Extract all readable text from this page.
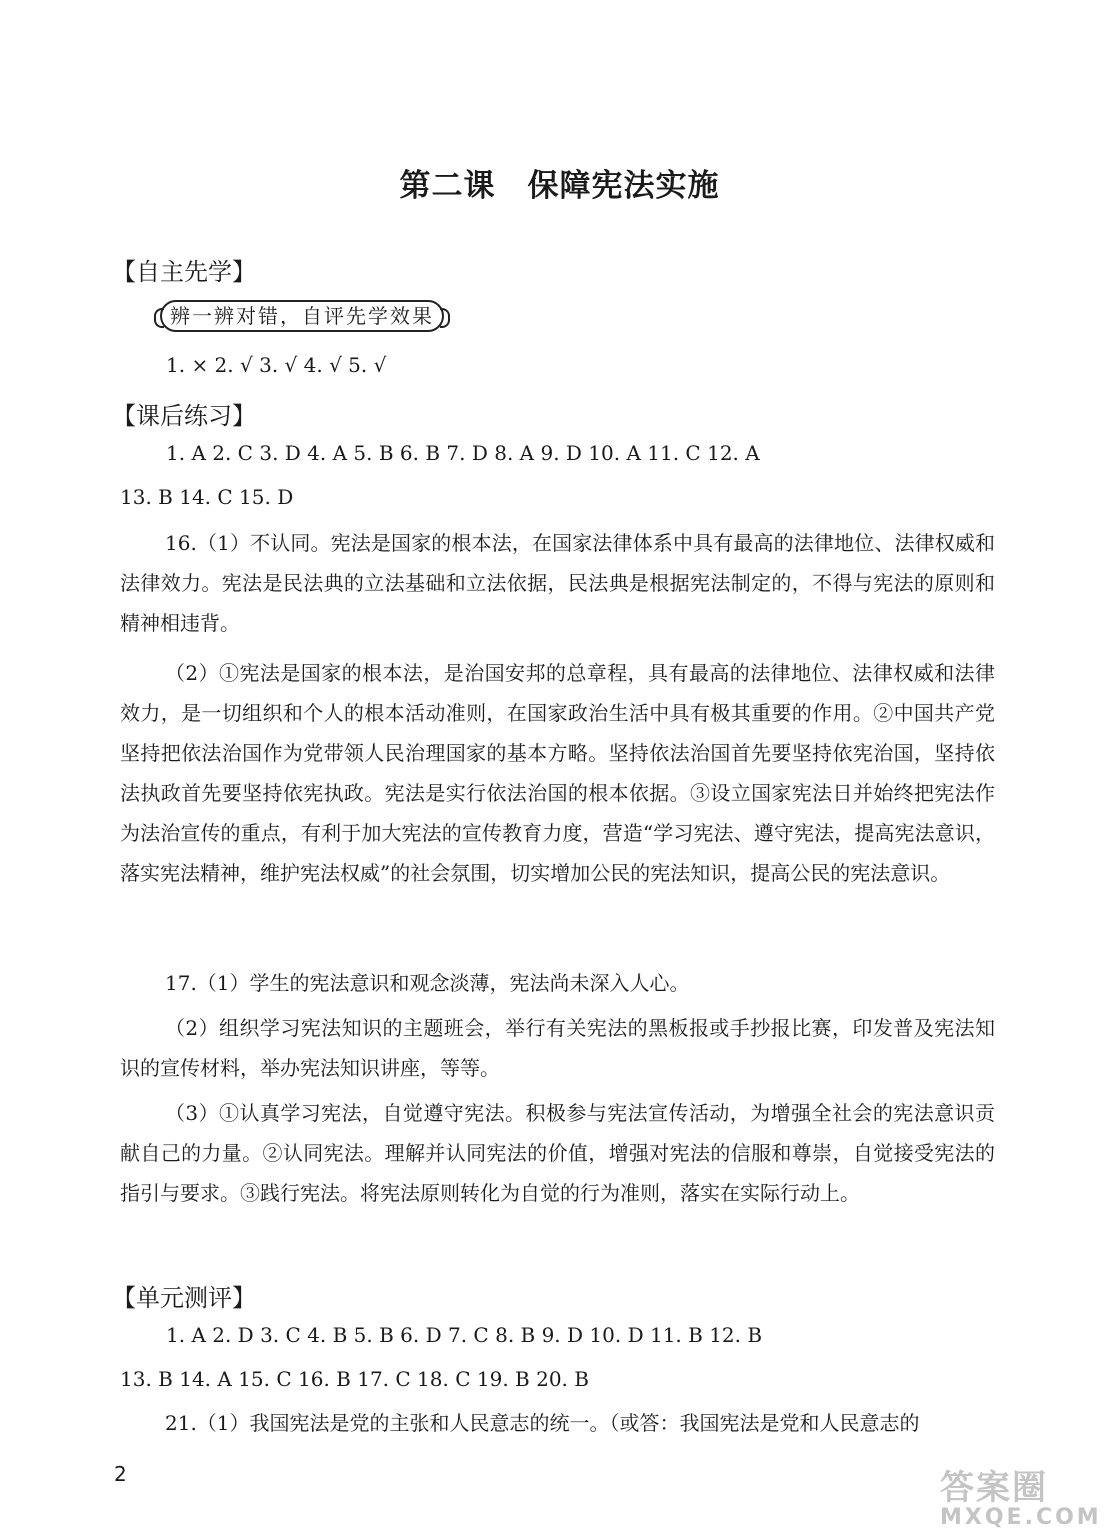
第二课　保障宪法实施
【自主先学】
辨一辨对错，自评先学效果
1. × 2. √ 3. √ 4. √ 5. √
【课后练习】
1. A 2. C 3. D 4. A 5. B 6. B 7. D 8. A 9. D 10. A 11. C 12. A
13. B 14. C 15. D
16.（1）不认同。宪法是国家的根本法，在国家法律体系中具有最高的法律地位、法律权威和法律效力。宪法是民法典的立法基础和立法依据，民法典是根据宪法制定的，不得与宪法的原则和精神相违背。
（2）①宪法是国家的根本法，是治国安邦的总章程，具有最高的法律地位、法律权威和法律效力，是一切组织和个人的根本活动准则，在国家政治生活中具有极其重要的作用。②中国共产党坚持把依法治国作为党带领人民治理国家的基本方略。坚持依法治国首先要坚持依宪治国，坚持依法执政首先要坚持依宪执政。宪法是实行依法治国的根本依据。③设立国家宪法日并始终把宪法作为法治宣传的重点，有利于加大宪法的宣传教育力度，营造“学习宪法、遵守宪法，提高宪法意识，落实宪法精神，维护宪法权威”的社会氛围，切实增加公民的宪法知识，提高公民的宪法意识。
17.（1）学生的宪法意识和观念淡薄，宪法尚未深入人心。
（2）组织学习宪法知识的主题班会，举行有关宪法的黑板报或手抄报比赛，印发普及宪法知识的宣传材料，举办宪法知识讲座，等等。
（3）①认真学习宪法，自觉遵守宪法。积极参与宪法宣传活动，为增强全社会的宪法意识贡献自己的力量。②认同宪法。理解并认同宪法的价值，增强对宪法的信服和尊崇，自觉接受宪法的指引与要求。③践行宪法。将宪法原则转化为自觉的行为准则，落实在实际行动上。
【单元测评】
1. A 2. D 3. C 4. B 5. B 6. D 7. C 8. B 9. D 10. D 11. B 12. B
13. B 14. A 15. C 16. B 17. C 18. C 19. B 20. B
21.（1）我国宪法是党的主张和人民意志的统一。（或答：我国宪法是党和人民意志的
2	答案圈
MXQE.COM
